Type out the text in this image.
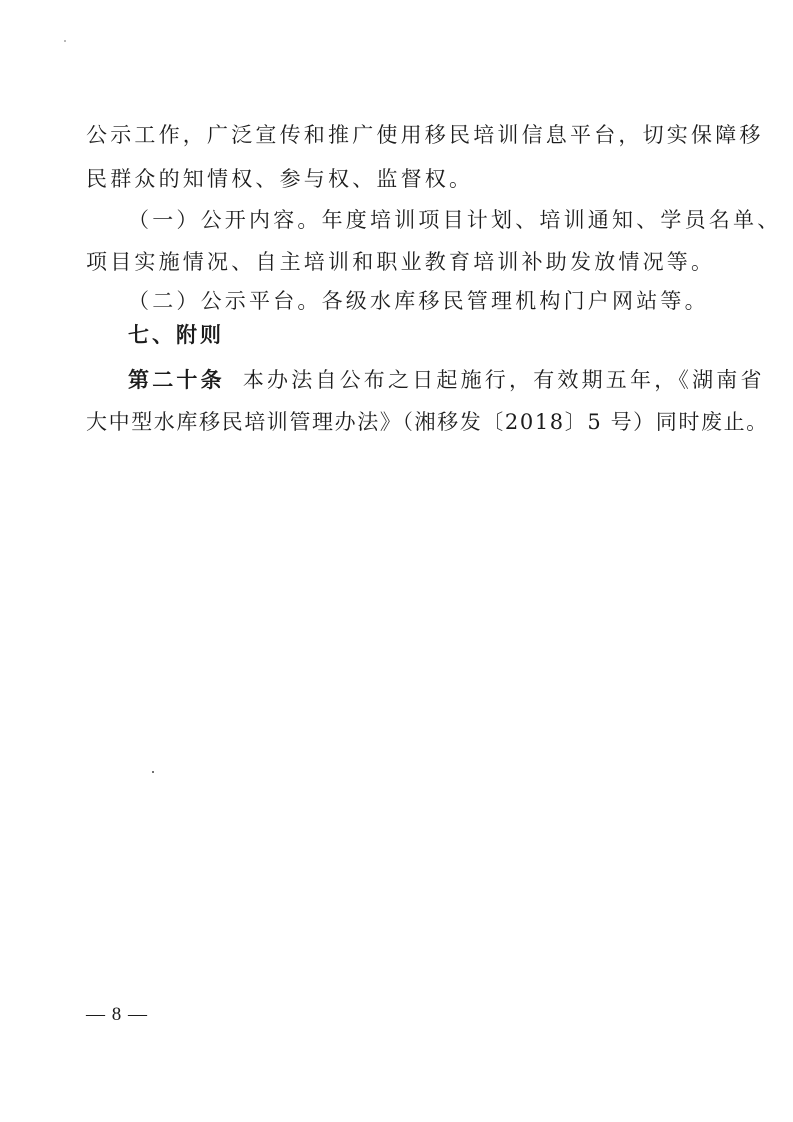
公示工作，广泛宣传和推广使用移民培训信息平台，切实保障移
民群众的知情权、参与权、监督权。
（一）公开内容。年度培训项目计划、培训通知、学员名单、
项目实施情况、自主培训和职业教育培训补助发放情况等。
（二）公示平台。各级水库移民管理机构门户网站等。
七、附则
第二十条 本办法自公布之日起施行，有效期五年，《湖南省
大中型水库移民培训管理办法》（湘移发〔2018〕5 号）同时废止。
— 8 —
